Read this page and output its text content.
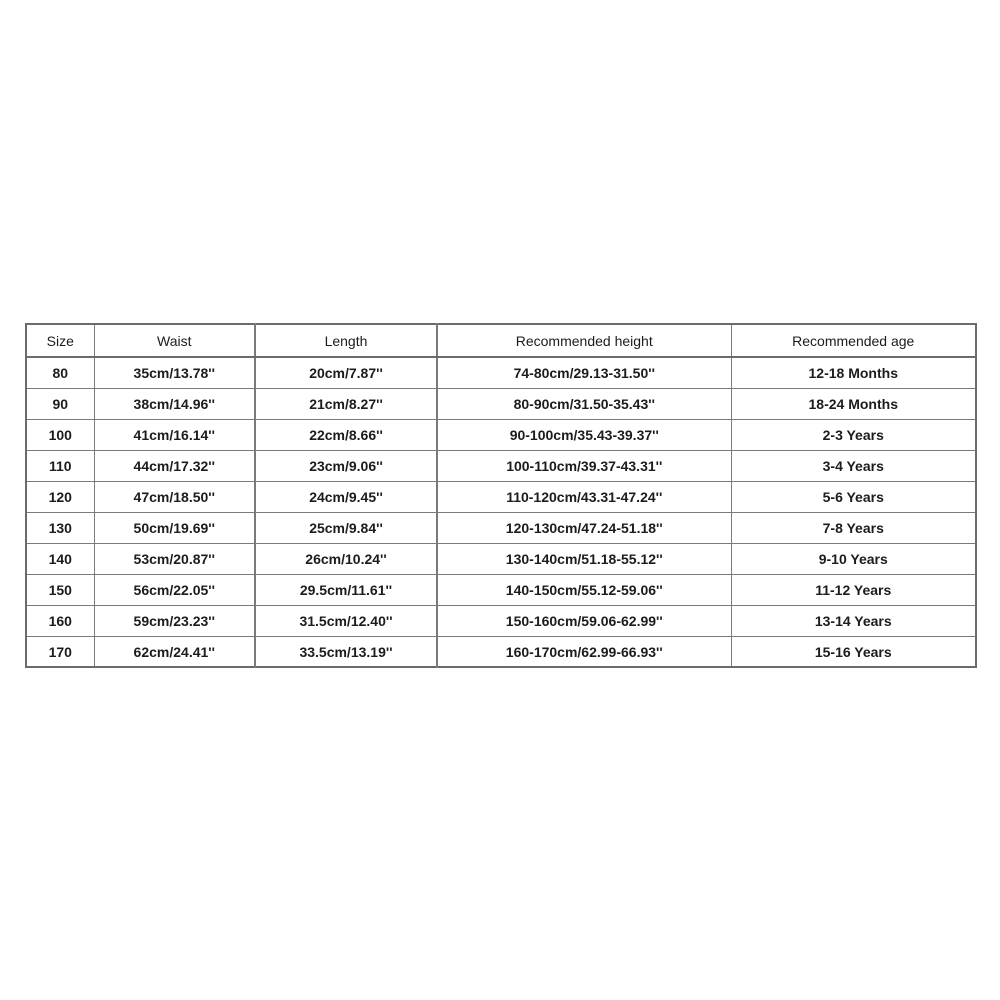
Size	Waist	Length	Recommended height	Recommended age
80	35cm/13.78''	20cm/7.87''	74-80cm/29.13-31.50''	12-18 Months
90	38cm/14.96''	21cm/8.27''	80-90cm/31.50-35.43''	18-24 Months
100	41cm/16.14''	22cm/8.66''	90-100cm/35.43-39.37''	2-3 Years
110	44cm/17.32''	23cm/9.06''	100-110cm/39.37-43.31''	3-4 Years
120	47cm/18.50''	24cm/9.45''	110-120cm/43.31-47.24''	5-6 Years
130	50cm/19.69''	25cm/9.84''	120-130cm/47.24-51.18''	7-8 Years
140	53cm/20.87''	26cm/10.24''	130-140cm/51.18-55.12''	9-10 Years
150	56cm/22.05''	29.5cm/11.61''	140-150cm/55.12-59.06''	11-12 Years
160	59cm/23.23''	31.5cm/12.40''	150-160cm/59.06-62.99''	13-14 Years
170	62cm/24.41''	33.5cm/13.19''	160-170cm/62.99-66.93''	15-16 Years
